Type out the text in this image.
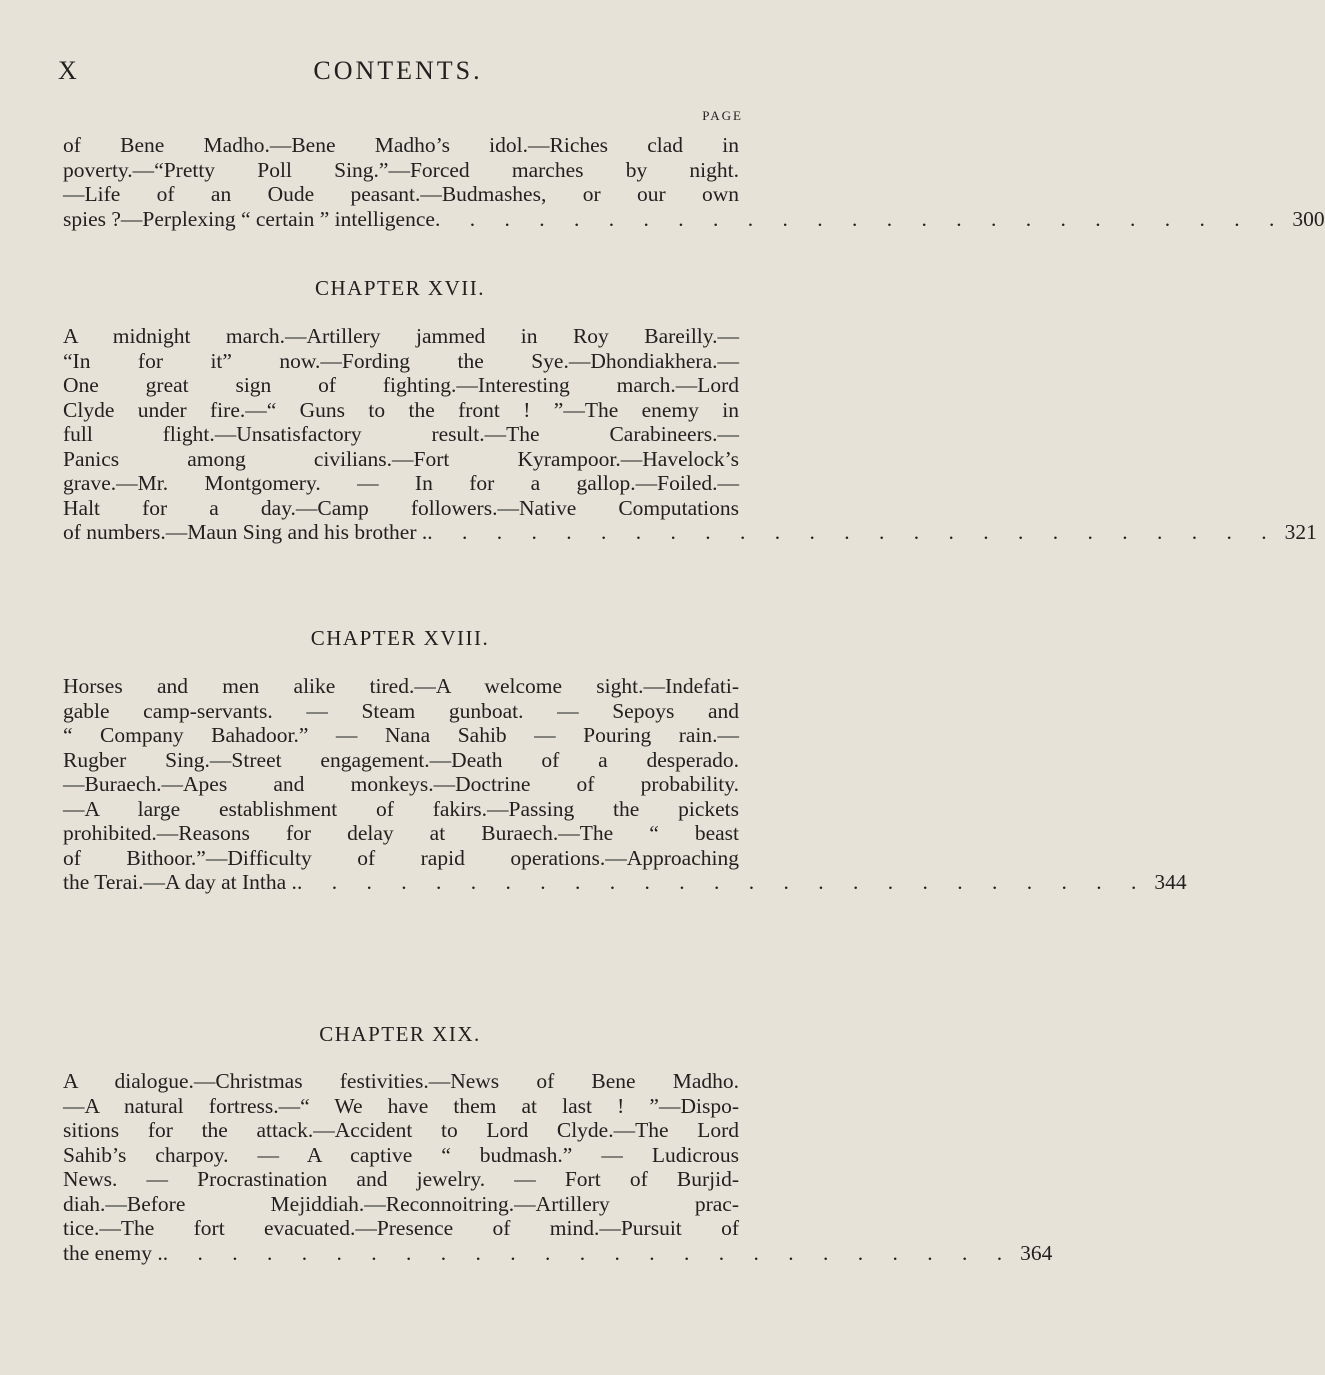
X	CONTENTS.
PAGE
of Bene Madho.—Bene Madho’s idol.—Riches clad in
poverty.—“Pretty Poll Sing.”—Forced marches by night.
—Life of an Oude peasant.—Budmashes, or our own
spies ?—Perplexing “ certain ” intelligence . . . . . . . . . . . . . . . . . . . . . . . . . 300
CHAPTER XVII.
A midnight march.—Artillery jammed in Roy Bareilly.—
“In for it” now.—Fording the Sye.—Dhondiakhera.—
One great sign of fighting.—Interesting march.—Lord
Clyde under fire.—“ Guns to the front ! ”—The enemy in
full flight.—Unsatisfactory result.—The Carabineers.—
Panics among civilians.—Fort Kyrampoor.—Havelock’s
grave.—Mr. Montgomery. — In for a gallop.—Foiled.—
Halt for a day.—Camp followers.—Native Computations
of numbers.—Maun Sing and his brother . . . . . . . . . . . . . . . . . . . . . . . . . . 321
CHAPTER XVIII.
Horses and men alike tired.—A welcome sight.—Indefati-
gable camp-servants. — Steam gunboat. — Sepoys and
“ Company Bahadoor.” — Nana Sahib — Pouring rain.—
Rugber Sing.—Street engagement.—Death of a desperado.
—Buraech.—Apes and monkeys.—Doctrine of probability.
—A large establishment of fakirs.—Passing the pickets
prohibited.—Reasons for delay at Buraech.—The “ beast
of Bithoor.”—Difficulty of rapid operations.—Approaching
the Terai.—A day at Intha . . . . . . . . . . . . . . . . . . . . . . . . . . 344
CHAPTER XIX.
A dialogue.—Christmas festivities.—News of Bene Madho.
—A natural fortress.—“ We have them at last ! ”—Dispo-
sitions for the attack.—Accident to Lord Clyde.—The Lord
Sahib’s charpoy. — A captive “ budmash.” — Ludicrous
News. — Procrastination and jewelry. — Fort of Burjid-
diah.—Before Mejiddiah.—Reconnoitring.—Artillery prac-
tice.—The fort evacuated.—Presence of mind.—Pursuit of
the enemy . . . . . . . . . . . . . . . . . . . . . . . . . . 364
